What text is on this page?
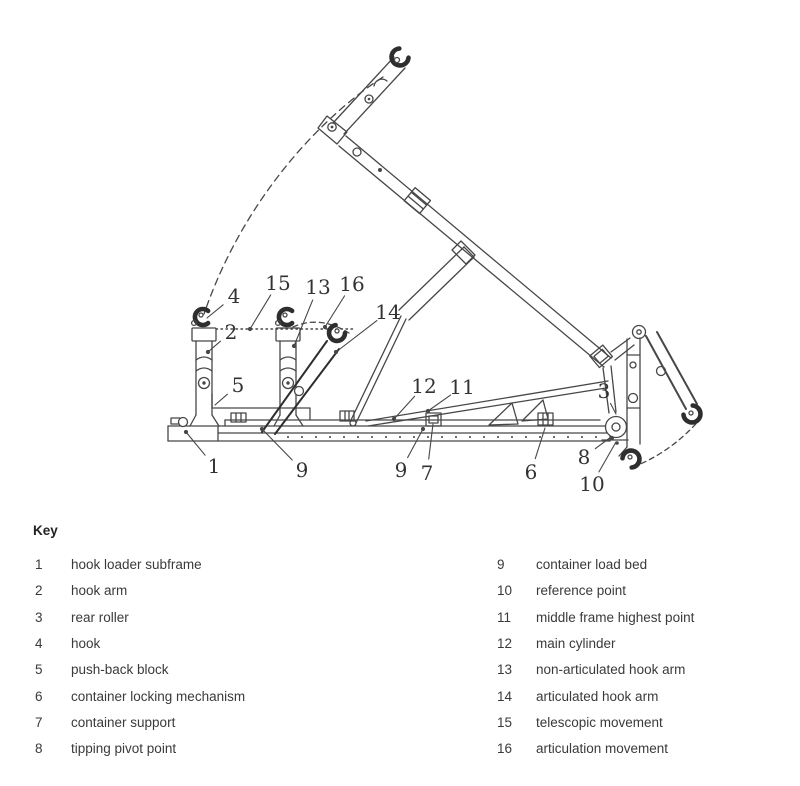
4
15 13 16
14
2
5	12 11	3
1	9	9 7	6
8
10
Key
1	hook loader subframe
2	hook arm
3	rear roller
4	hook
5	push-back block
6	container locking mechanism
7	container support
8	tipping pivot point
9	container load bed
10	reference point
11	middle frame highest point
12	main cylinder
13	non-articulated hook arm
14	articulated hook arm
15	telescopic movement
16	articulation movement
